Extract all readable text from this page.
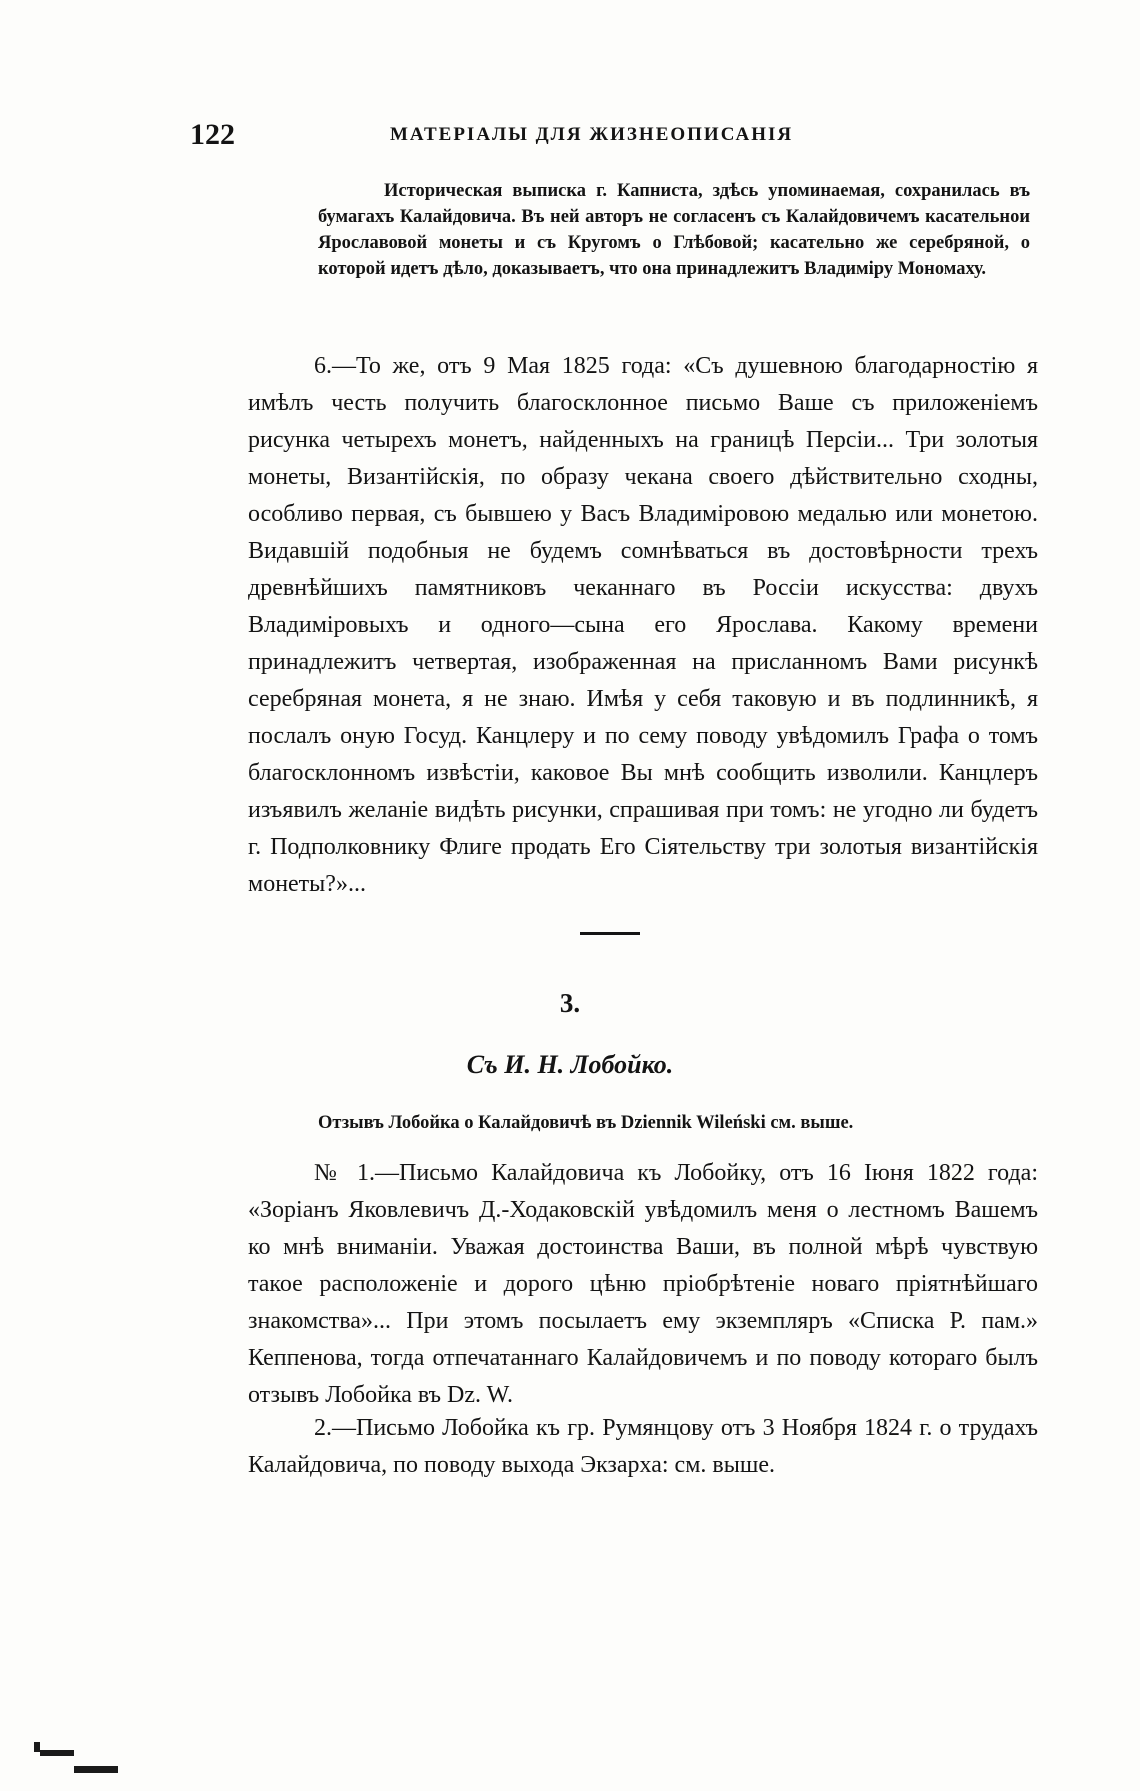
122	МАТЕРІАЛЫ ДЛЯ ЖИЗНЕОПИСАНІЯ

Историческая выписка г. Капниста, здѣсь упоминаемая, сохранилась въ бумагахъ Калайдовича. Въ ней авторъ не согласенъ съ Калайдовичемъ касательнои Ярославовой монеты и съ Кругомъ о Глѣбовой; касательно же серебряной, о которой идетъ дѣло, доказываетъ, что она принадлежитъ Владиміру Мономаху.

6.—То же, отъ 9 Мая 1825 года: «Съ душевною благодарностію я имѣлъ честь получить благосклонное письмо Ваше съ приложеніемъ рисунка четырехъ монетъ, найденныхъ на границѣ Персіи... Три золотыя монеты, Византійскія, по образу чекана своего дѣйствительно сходны, особливо первая, съ бывшею у Васъ Владиміровою медалью или монетою. Видавшій подобныя не будемъ сомнѣваться въ достовѣрности трехъ древнѣйшихъ памятниковъ чеканнаго въ Россіи искусства: двухъ Владиміровыхъ и одного—сына его Ярослава. Какому времени принадлежитъ четвертая, изображенная на присланномъ Вами рисункѣ серебряная монета, я не знаю. Имѣя у себя таковую и въ подлинникѣ, я послалъ оную Госуд. Канцлеру и по сему поводу увѣдомилъ Графа о томъ благосклонномъ извѣстіи, каковое Вы мнѣ сообщить изволили. Канцлеръ изъявилъ желаніе видѣть рисунки, спрашивая при томъ: не угодно ли будетъ г. Подполковнику Флиге продать Его Сіятельству три золотыя византійскія монеты?»...

3.
Съ И. Н. Лобойко.
Отзывъ Лобойка о Калайдовичѣ въ Dziennik Wileński см. выше.

№ 1.—Письмо Калайдовича къ Лобойку, отъ 16 Іюня 1822 года: «Зоріанъ Яковлевичъ Д.-Ходаковскій увѣдомилъ меня о лестномъ Вашемъ ко мнѣ вниманіи. Уважая достоинства Ваши, въ полной мѣрѣ чувствую такое расположеніе и дорого цѣню пріобрѣтеніе новаго пріятнѣйшаго знакомства»... При этомъ посылаетъ ему экземпляръ «Списка Р. пам.» Кеппенова, тогда отпечатаннаго Калайдовичемъ и по поводу котораго былъ отзывъ Лобойка въ Dz. W.

2.—Письмо Лобойка къ гр. Румянцову отъ 3 Ноября 1824 г. о трудахъ Калайдовича, по поводу выхода Экзарха: см. выше.
